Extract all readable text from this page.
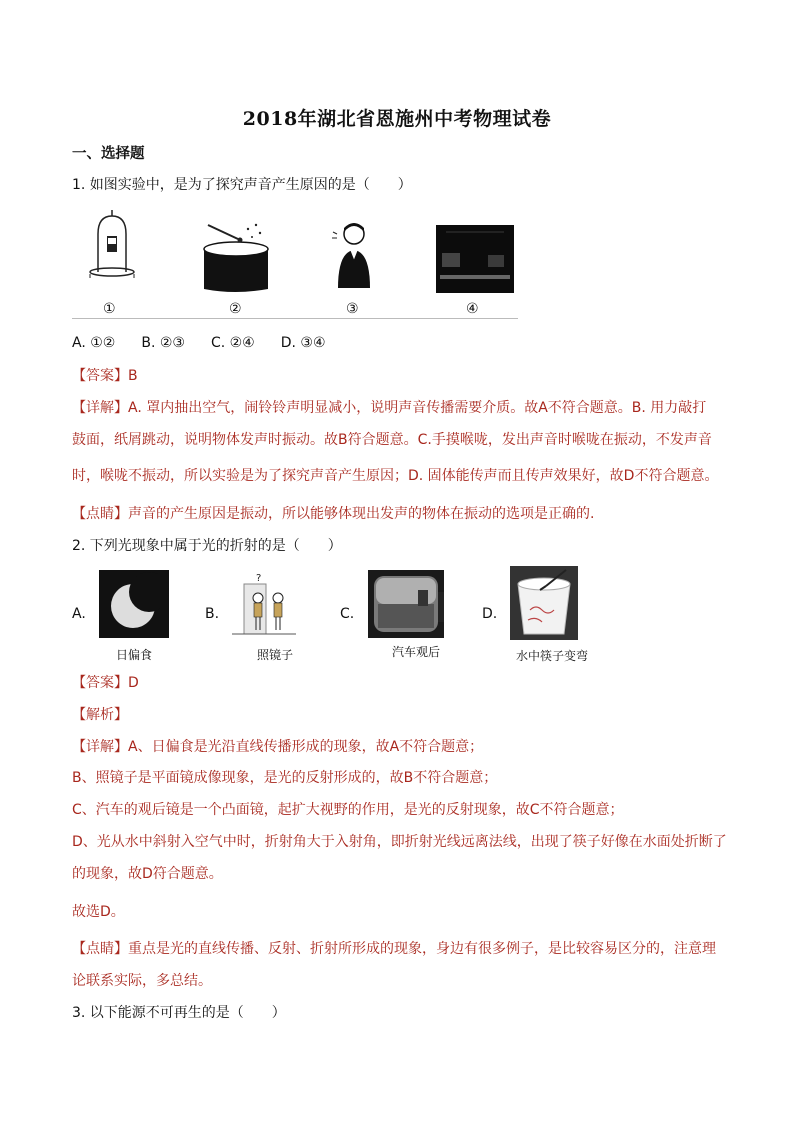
2018年湖北省恩施州中考物理试卷
一、选择题
1. 如图实验中，是为了探究声音产生原因的是（　　）
①	②	③	④
A. ①② B. ②③ C. ②④ D. ③④
【答案】B
【详解】A. 罩内抽出空气，闹铃铃声明显减小，说明声音传播需要介质。故A不符合题意。B. 用力敲打
鼓面，纸屑跳动，说明物体发声时振动。故B符合题意。C.手摸喉咙，发出声音时喉咙在振动，不发声音
时，喉咙不振动，所以实验是为了探究声音产生原因；D. 固体能传声而且传声效果好，故D不符合题意。
【点睛】声音的产生原因是振动，所以能够体现出发声的物体在振动的选项是正确的.
2. 下列光现象中属于光的折射的是（　　）
A.
日偏食
B.
?
照镜子
C.
汽车观后
D.
水中筷子变弯
【答案】D
【解析】
【详解】A、日偏食是光沿直线传播形成的现象，故A不符合题意；
B、照镜子是平面镜成像现象，是光的反射形成的，故B不符合题意；
C、汽车的观后镜是一个凸面镜，起扩大视野的作用，是光的反射现象，故C不符合题意；
D、光从水中斜射入空气中时，折射角大于入射角，即折射光线远离法线，出现了筷子好像在水面处折断了
的现象，故D符合题意。
故选D。
【点睛】重点是光的直线传播、反射、折射所形成的现象，身边有很多例子，是比较容易区分的，注意理
论联系实际，多总结。
3. 以下能源不可再生的是（　　）
